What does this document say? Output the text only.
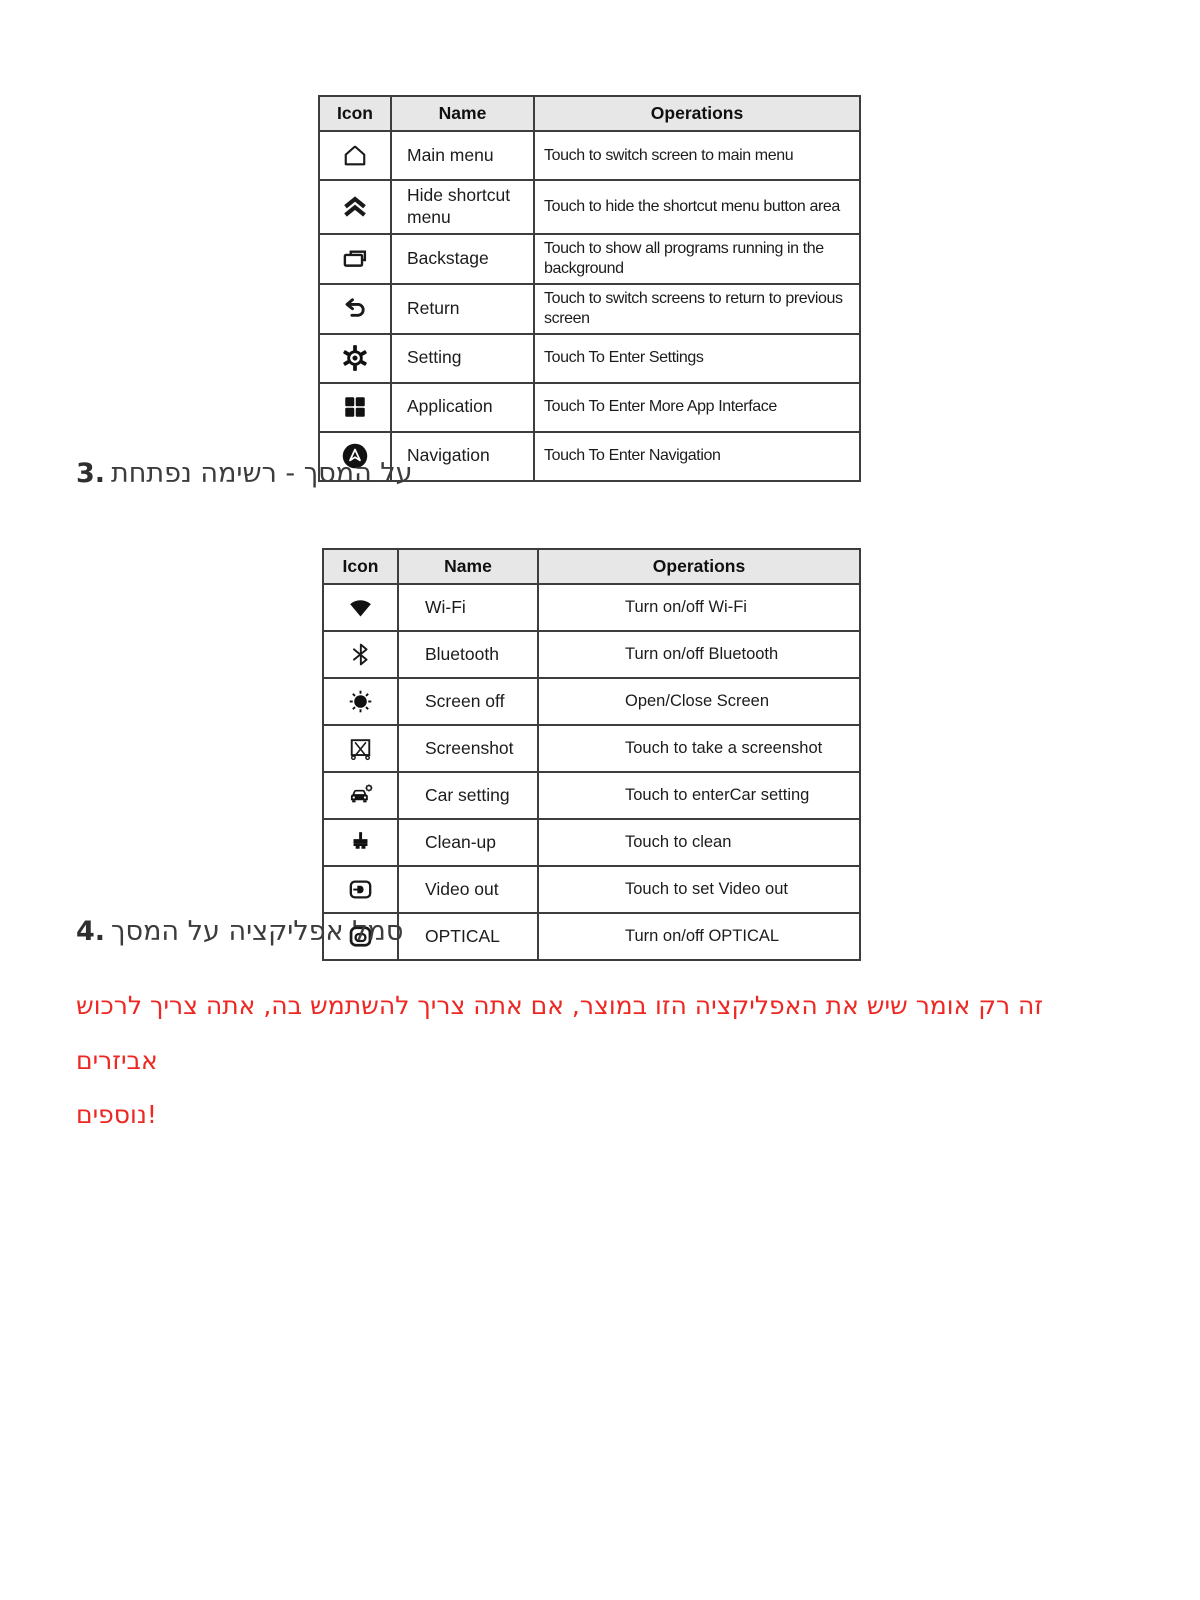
Icon	Name	Operations

	Main menu	Touch to switch screen to main menu

	Hide shortcut menu	Touch to hide the shortcut menu button area

	Backstage	Touch to show all programs running in the background

	Return	Touch to switch screens to return to previous screen

	Setting	Touch To Enter Settings

	Application	Touch To Enter More App Interface

	Navigation	Touch To Enter Navigation
3. על המסך - רשימה נפתחת
Icon	Name	Operations

	Wi-Fi	Turn on/off Wi-Fi

	Bluetooth	Turn on/off Bluetooth

	Screen off	Open/Close Screen

	Screenshot	Touch to take a screenshot

	Car setting	Touch to enterCar setting

	Clean-up	Touch to clean

	Video out	Touch to set Video out

	OPTICAL	Turn on/off OPTICAL
4. סמל אפליקציה על המסך
זה רק אומר שיש את האפליקציה הזו במוצר, אם אתה צריך להשתמש בה, אתה צריך לרכוש אביזרים
נוספים!
